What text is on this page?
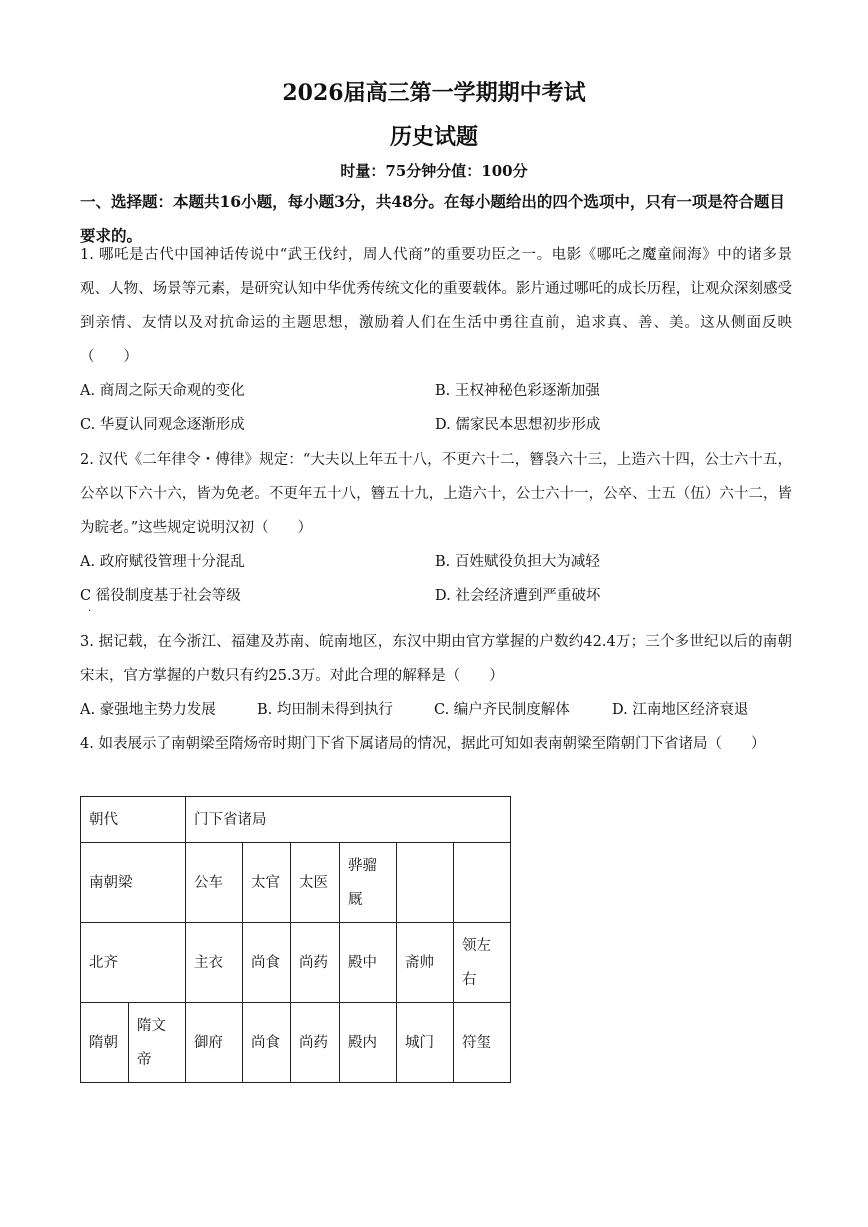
2026届高三第一学期期中考试
历史试题
时量：75分钟分值：100分
一、选择题：本题共16小题，每小题3分，共48分。在每小题给出的四个选项中，只有一项是符合题目要求的。
1. 哪吒是古代中国神话传说中“武王伐纣，周人代商”的重要功臣之一。电影《哪吒之魔童闹海》中的诸多景观、人物、场景等元素，是研究认知中华优秀传统文化的重要载体。影片通过哪吒的成长历程，让观众深刻感受到亲情、友情以及对抗命运的主题思想，激励着人们在生活中勇往直前，追求真、善、美。这从侧面反映（　　）
A. 商周之际天命观的变化	B. 王权神秘色彩逐渐加强
C. 华夏认同观念逐渐形成	D. 儒家民本思想初步形成
2. 汉代《二年律令・傅律》规定：“大夫以上年五十八，不更六十二，簪袅六十三，上造六十四，公士六十五，公卒以下六十六，皆为免老。不更年五十八，簪五十九，上造六十，公士六十一，公卒、士五（伍）六十二，皆为睆老。”这些规定说明汉初（　　）
A. 政府赋役管理十分混乱	B. 百姓赋役负担大为减轻
C 徭役制度基于社会等级	D. 社会经济遭到严重破坏
·
3. 据记载，在今浙江、福建及苏南、皖南地区，东汉中期由官方掌握的户数约42.4万；三个多世纪以后的南朝宋末，官方掌握的户数只有约25.3万。对此合理的解释是（　　）
A. 豪强地主势力发展	B. 均田制未得到执行	C. 编户齐民制度解体	D. 江南地区经济衰退
4. 如表展示了南朝梁至隋炀帝时期门下省下属诸局的情况，据此可知如表南朝梁至隋朝门下省诸局（　　）
朝代		门下省诸局					
南朝梁		公车	太官	太医	骅骝厩		
北齐		主衣	尚食	尚药	殿中	斋帅	领左右
隋朝	隋文帝	御府	尚食	尚药	殿内	城门	符玺
